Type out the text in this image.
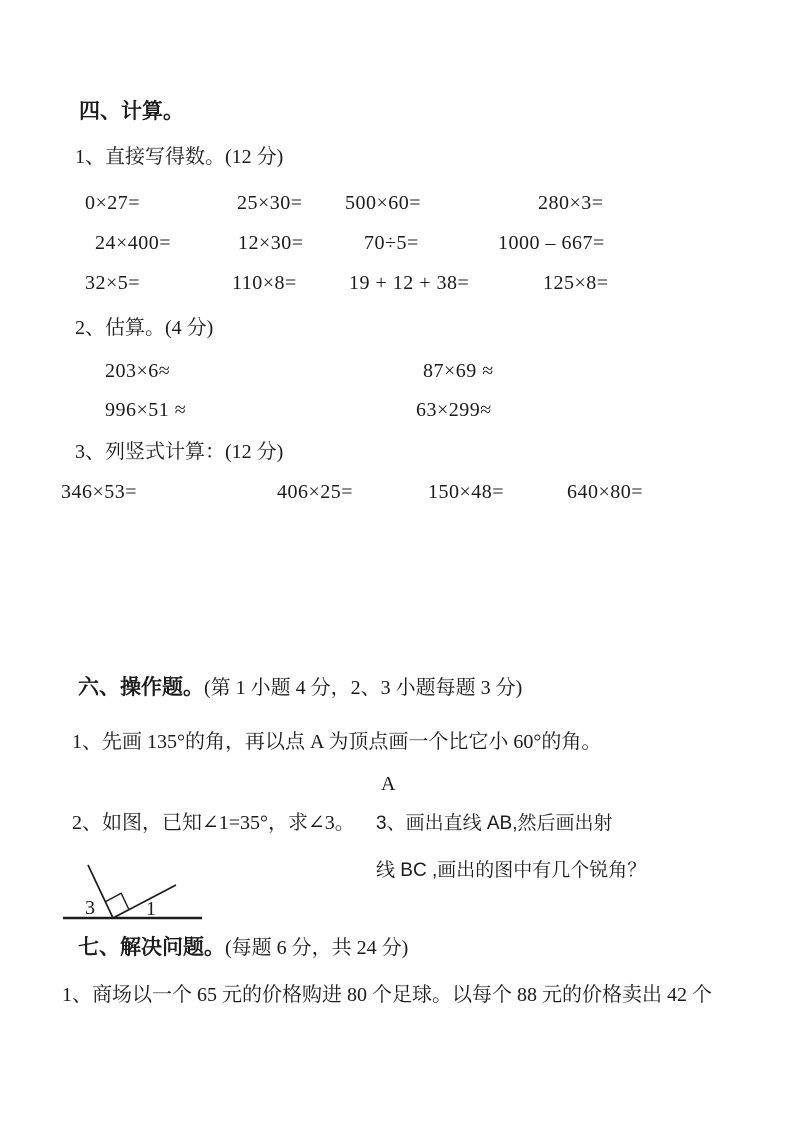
四、计算。
1、直接写得数。(12 分)
0×27=	25×30= 500×60=	280×3=
24×400=	12×30=	70÷5=	1000 – 667=
32×5=	110×8=	19 + 12 + 38=	125×8=
2、估算。(4 分)
203×6≈	87×69 ≈
996×51 ≈	63×299≈
3、列竖式计算：(12 分)
346×53=	406×25=	150×48=	640×80=
六、操作题。(第 1 小题 4 分，2、3 小题每题 3 分)
1、先画 135°的角，再以点 A 为顶点画一个比它小 60°的角。
A
2、如图，已知∠1=35°，求∠3。 3、画出直线 AB,然后画出射
线 BC ,画出的图中有几个锐角？
3	1
七、解决问题。(每题 6 分，共 24 分)
1、商场以一个 65 元的价格购进 80 个足球。以每个 88 元的价格卖出 42 个
